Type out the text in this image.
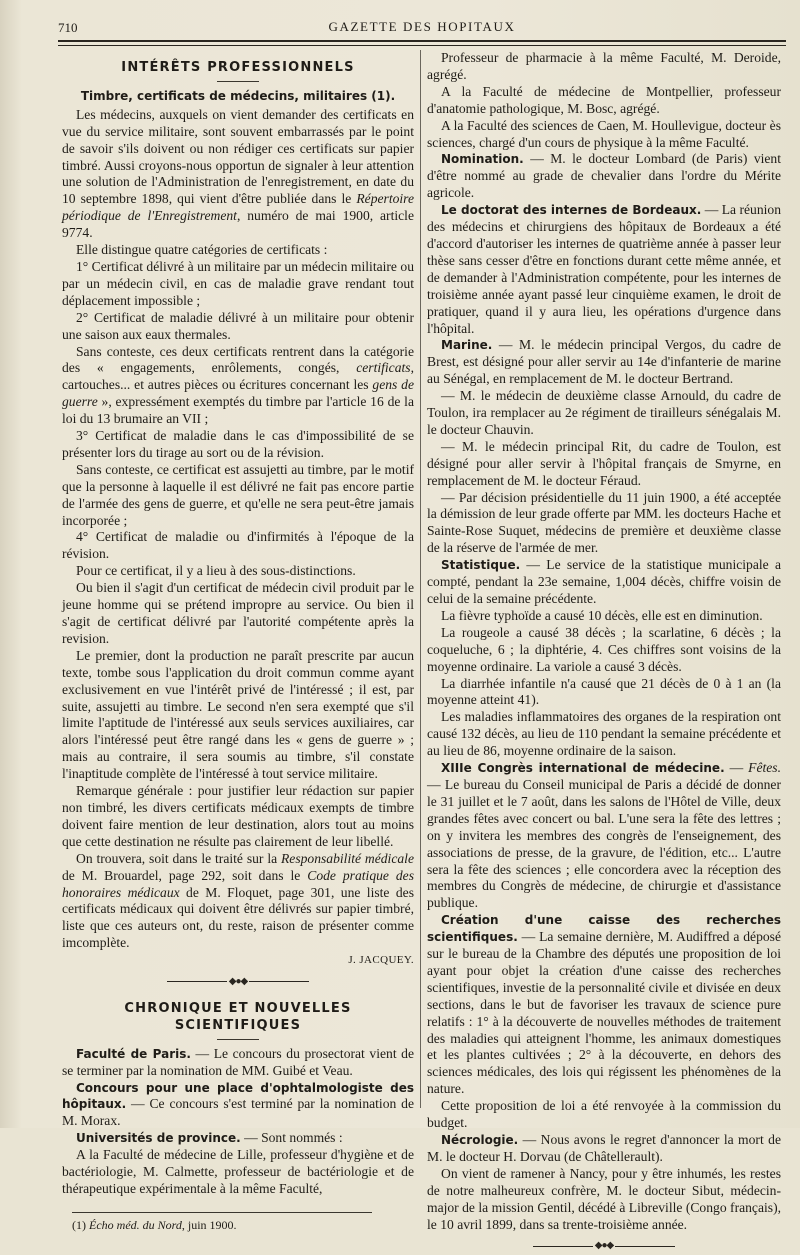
710	GAZETTE DES HOPITAUX
INTÉRÊTS PROFESSIONNELS
Timbre, certificats de médecins, militaires (1).

Les médecins, auxquels on vient demander des certificats en vue du service militaire, sont souvent embarrassés par le point de savoir s'ils doivent ou non rédiger ces certificats sur papier timbré. Aussi croyons-nous opportun de signaler à leur attention une solution de l'Administration de l'enregistrement, en date du 10 septembre 1898, qui vient d'être publiée dans le Répertoire périodique de l'Enregistrement, numéro de mai 1900, article 9774.

Elle distingue quatre catégories de certificats :

1° Certificat délivré à un militaire par un médecin militaire ou par un médecin civil, en cas de maladie grave rendant tout déplacement impossible ;

2° Certificat de maladie délivré à un militaire pour obtenir une saison aux eaux thermales.

Sans conteste, ces deux certificats rentrent dans la catégorie des « engagements, enrôlements, congés, certificats, cartouches... et autres pièces ou écritures concernant les gens de guerre », expressément exemptés du timbre par l'article 16 de la loi du 13 brumaire an VII ;

3° Certificat de maladie dans le cas d'impossibilité de se présenter lors du tirage au sort ou de la révision.

Sans conteste, ce certificat est assujetti au timbre, par le motif que la personne à laquelle il est délivré ne fait pas encore partie de l'armée des gens de guerre, et qu'elle ne sera peut-être jamais incorporée ;

4° Certificat de maladie ou d'infirmités à l'époque de la révision.

Pour ce certificat, il y a lieu à des sous-distinctions.

Ou bien il s'agit d'un certificat de médecin civil produit par le jeune homme qui se prétend impropre au service. Ou bien il s'agit de certificat délivré par l'autorité compétente après la revision.

Le premier, dont la production ne paraît prescrite par aucun texte, tombe sous l'application du droit commun comme ayant exclusivement en vue l'intérêt privé de l'intéressé ; il est, par suite, assujetti au timbre. Le second n'en sera exempté que s'il limite l'aptitude de l'intéressé aux seuls services auxiliaires, car alors l'intéressé peut être rangé dans les « gens de guerre » ; mais au contraire, il sera soumis au timbre, s'il constate l'inaptitude complète de l'intéressé à tout service militaire.

Remarque générale : pour justifier leur rédaction sur papier non timbré, les divers certificats médicaux exempts de timbre doivent faire mention de leur destination, alors tout au moins que cette destination ne résulte pas clairement de leur libellé.

On trouvera, soit dans le traité sur la Responsabilité médicale de M. Brouardel, page 292, soit dans le Code pratique des honoraires médicaux de M. Floquet, page 301, une liste des certificats médicaux qui doivent être délivrés sur papier timbré, liste que ces auteurs ont, du reste, raison de présenter comme imcomplète.

J. JACQUEY.
◆●◆
CHRONIQUE ET NOUVELLES SCIENTIFIQUES

Faculté de Paris. — Le concours du prosectorat vient de se terminer par la nomination de MM. Guibé et Veau.

Concours pour une place d'ophtalmologiste des hôpitaux. — Ce concours s'est terminé par la nomination de M. Morax.

Universités de province. — Sont nommés :

A la Faculté de médecine de Lille, professeur d'hygiène et de bactériologie, M. Calmette, professeur de bactériologie et de thérapeutique expérimentale à la même Faculté,

(1) Écho méd. du Nord, juin 1900.

Professeur de pharmacie à la même Faculté, M. Deroide, agrégé.

A la Faculté de médecine de Montpellier, professeur d'anatomie pathologique, M. Bosc, agrégé.

A la Faculté des sciences de Caen, M. Houllevigue, docteur ès sciences, chargé d'un cours de physique à la même Faculté.

Nomination. — M. le docteur Lombard (de Paris) vient d'être nommé au grade de chevalier dans l'ordre du Mérite agricole.

Le doctorat des internes de Bordeaux. — La réunion des médecins et chirurgiens des hôpitaux de Bordeaux a été d'accord d'autoriser les internes de quatrième année à passer leur thèse sans cesser d'être en fonctions durant cette même année, et de demander à l'Administration compétente, pour les internes de troisième année ayant passé leur cinquième examen, le droit de pratiquer, quand il y aura lieu, les opérations d'urgence dans l'hôpital.

Marine. — M. le médecin principal Vergos, du cadre de Brest, est désigné pour aller servir au 14e d'infanterie de marine au Sénégal, en remplacement de M. le docteur Bertrand.

— M. le médecin de deuxième classe Arnould, du cadre de Toulon, ira remplacer au 2e régiment de tirailleurs sénégalais M. le docteur Chauvin.

— M. le médecin principal Rit, du cadre de Toulon, est désigné pour aller servir à l'hôpital français de Smyrne, en remplacement de M. le docteur Féraud.

— Par décision présidentielle du 11 juin 1900, a été acceptée la démission de leur grade offerte par MM. les docteurs Hache et Sainte-Rose Suquet, médecins de première et deuxième classe de la réserve de l'armée de mer.

Statistique. — Le service de la statistique municipale a compté, pendant la 23e semaine, 1,004 décès, chiffre voisin de celui de la semaine précédente.

La fièvre typhoïde a causé 10 décès, elle est en diminution.

La rougeole a causé 38 décès ; la scarlatine, 6 décès ; la coqueluche, 6 ; la diphtérie, 4. Ces chiffres sont voisins de la moyenne ordinaire. La variole a causé 3 décès.

La diarrhée infantile n'a causé que 21 décès de 0 à 1 an (la moyenne atteint 41).

Les maladies inflammatoires des organes de la respiration ont causé 132 décès, au lieu de 110 pendant la semaine précédente et au lieu de 86, moyenne ordinaire de la saison.

XIIIe Congrès international de médecine. — Fêtes. — Le bureau du Conseil municipal de Paris a décidé de donner le 31 juillet et le 7 août, dans les salons de l'Hôtel de Ville, deux grandes fêtes avec concert ou bal. L'une sera la fête des lettres ; on y invitera les membres des congrès de l'enseignement, des associations de presse, de la gravure, de l'édition, etc... L'autre sera la fête des sciences ; elle concordera avec la réception des membres du Congrès de médecine, de chirurgie et d'assistance publique.

Création d'une caisse des recherches scientifiques. — La semaine dernière, M. Audiffred a déposé sur le bureau de la Chambre des députés une proposition de loi ayant pour objet la création d'une caisse des recherches scientifiques, investie de la personnalité civile et divisée en deux sections, dans le but de favoriser les travaux de science pure relatifs : 1° à la découverte de nouvelles méthodes de traitement des maladies qui atteignent l'homme, les animaux domestiques et les plantes cultivées ; 2° à la découverte, en dehors des sciences médicales, des lois qui régissent les phénomènes de la nature.

Cette proposition de loi a été renvoyée à la commission du budget.

Nécrologie. — Nous avons le regret d'annoncer la mort de M. le docteur H. Dorvau (de Châtellerault).

On vient de ramener à Nancy, pour y être inhumés, les restes de notre malheureux confrère, M. le docteur Sibut, médecin-major de la mission Gentil, décédé à Libreville (Congo français), le 10 avril 1899, dans sa trente-troisième année.

◆●◆
